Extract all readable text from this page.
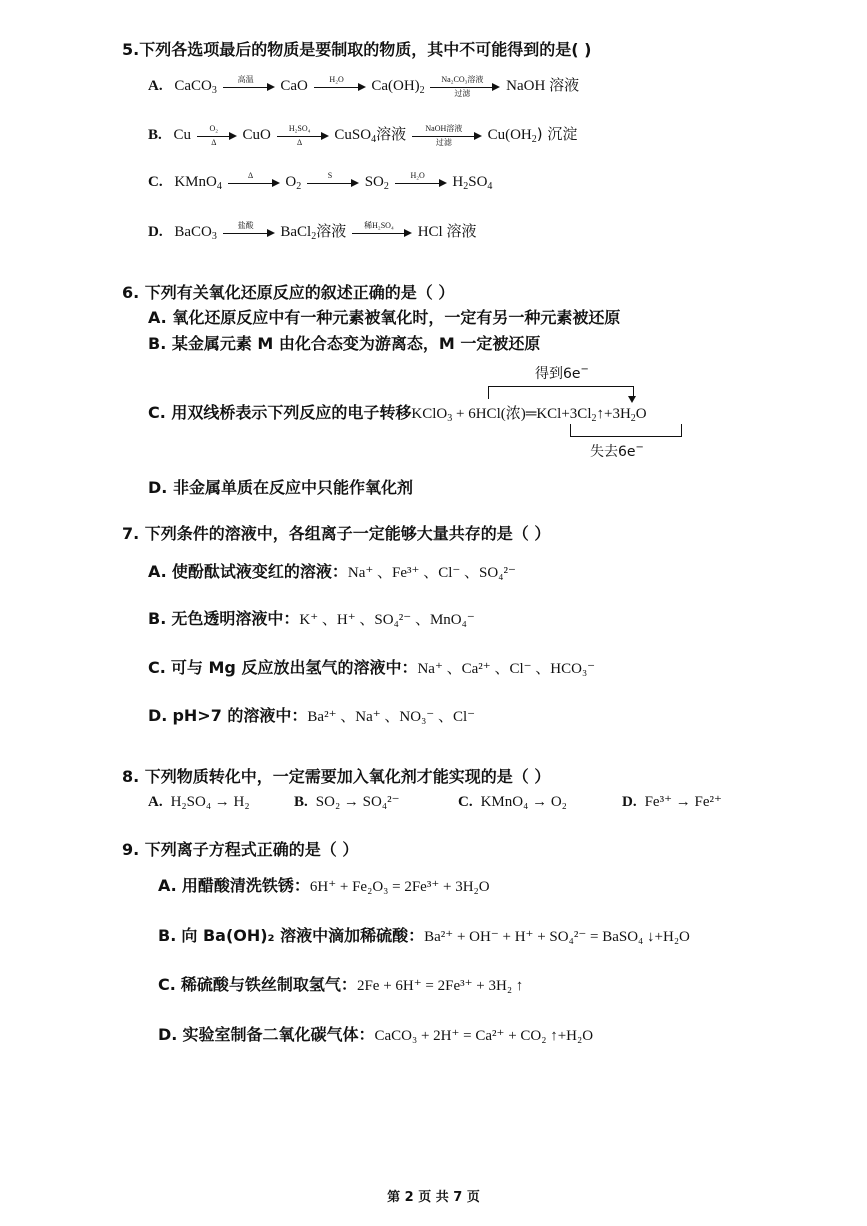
5.下列各选项最后的物质是要制取的物质，其中不可能得到的是( )
A. CaCO$_3$
高温	CaO	H₂O	$Ca(OH)_2$
Na₂CO₃溶液
过滤	NaOH 溶液
B. Cu $\frac{\text{O₂}}{\Delta}$ CuO $\frac{\text{H₂SO₄}}{\Delta}$ CuSO$_4$溶液	NaOH溶液
过滤	$Cu(OH_2)$ 沉淀
C. KMnO$_4$
Δ	$O_2$
S	$SO_2$
H₂O	$H_2SO_4$
D. BaCO$_3$
盐酸	BaCl$_2$溶液	稀H₂SO₄	HCl 溶液
6. 下列有关氧化还原反应的叙述正确的是（ ）
A. 氧化还原反应中有一种元素被氧化时，一定有另一种元素被还原
B. 某金属元素 M 由化合态变为游离态，M 一定被还原
得到6e−
C. 用双线桥表示下列反应的电子转移KClO$_3$ + 6HCl(浓)$═KCl+3Cl_2↑+3H_2O$
失去6e−
D. 非金属单质在反应中只能作氧化剂
7. 下列条件的溶液中，各组离子一定能够大量共存的是（ ）
A. 使酚酞试液变红的溶液：Na⁺ 、Fe³⁺ 、Cl⁻ 、SO₄²⁻
B. 无色透明溶液中：K⁺ 、H⁺ 、SO₄²⁻ 、MnO₄⁻
C. 可与 Mg 反应放出氢气的溶液中：Na⁺ 、Ca²⁺ 、Cl⁻ 、HCO₃⁻
D. pH>7 的溶液中：Ba²⁺ 、Na⁺ 、NO₃⁻ 、Cl⁻
8. 下列物质转化中，一定需要加入氧化剂才能实现的是（ ）
A. H₂SO₄ → H₂	B. SO₂ → SO₄²⁻	C. KMnO₄ → O₂	D. Fe³⁺ → Fe²⁺
9. 下列离子方程式正确的是（ ）
A. 用醋酸清洗铁锈：6H⁺ + Fe₂O₃ = 2Fe³⁺ + 3H₂O
B. 向 Ba(OH)₂ 溶液中滴加稀硫酸：Ba²⁺ + OH⁻ + H⁺ + SO₄²⁻ = BaSO₄ ↓+H₂O
C. 稀硫酸与铁丝制取氢气：2Fe + 6H⁺ = 2Fe³⁺ + 3H₂ ↑
D. 实验室制备二氧化碳气体：CaCO₃ + 2H⁺ = Ca²⁺ + CO₂ ↑+H₂O
第 2 页 共 7 页
